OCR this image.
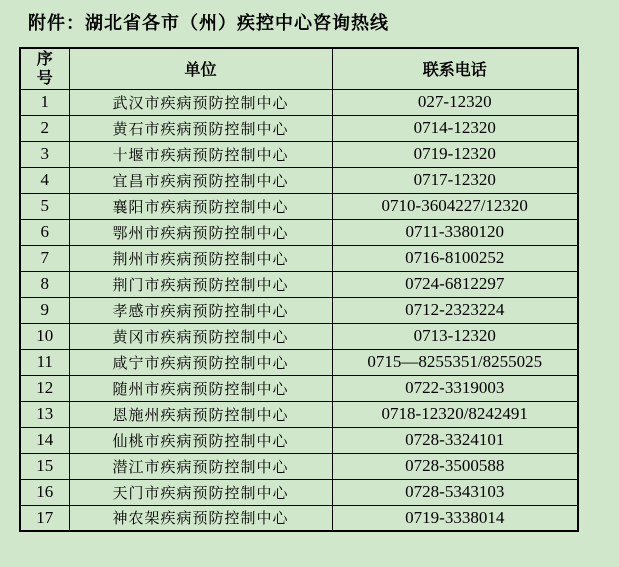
附件：湖北省各市（州）疾控中心咨询热线
序号	单位	联系电话
1	武汉市疾病预防控制中心	027-12320
2	黄石市疾病预防控制中心	0714-12320
3	十堰市疾病预防控制中心	0719-12320
4	宜昌市疾病预防控制中心	0717-12320
5	襄阳市疾病预防控制中心	0710-3604227/12320
6	鄂州市疾病预防控制中心	0711-3380120
7	荆州市疾病预防控制中心	0716-8100252
8	荆门市疾病预防控制中心	0724-6812297
9	孝感市疾病预防控制中心	0712-2323224
10	黄冈市疾病预防控制中心	0713-12320
11	咸宁市疾病预防控制中心	0715—8255351/8255025
12	随州市疾病预防控制中心	0722-3319003
13	恩施州疾病预防控制中心	0718-12320/8242491
14	仙桃市疾病预防控制中心	0728-3324101
15	潜江市疾病预防控制中心	0728-3500588
16	天门市疾病预防控制中心	0728-5343103
17	神农架疾病预防控制中心	0719-3338014
